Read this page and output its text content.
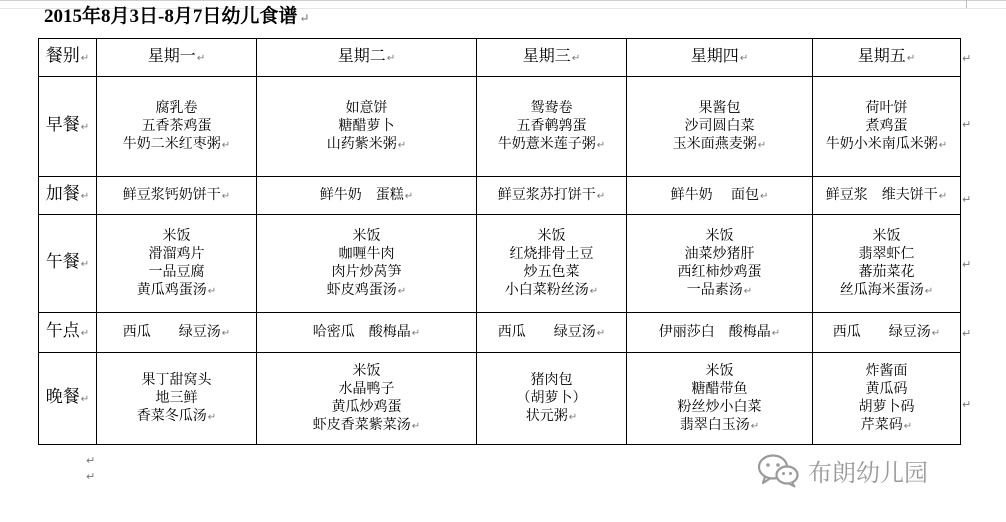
2015年8月3日-8月7日幼儿食谱 ↵
餐别↵	星期一↵	星期二↵	星期三↵	星期四↵	星期五↵
早餐↵	腐乳卷
五香茶鸡蛋
牛奶二米红枣粥↵	如意饼
糖醋萝卜
山药紫米粥↵	鸳鸯卷
五香鹌鹑蛋
牛奶薏米莲子粥↵	果酱包
沙司圆白菜
玉米面燕麦粥↵	荷叶饼
煮鸡蛋
牛奶小米南瓜米粥↵

加餐↵	鲜豆浆钙奶饼干↵	鲜牛奶　蛋糕↵	鲜豆浆苏打饼干↵	鲜牛奶　 面包↵	鲜豆浆　维夫饼干↵

午餐↵	米饭
滑溜鸡片
一品豆腐
黄瓜鸡蛋汤↵	米饭
咖喱牛肉
肉片炒莴笋
虾皮鸡蛋汤↵	米饭
红烧排骨土豆
炒五色菜
小白菜粉丝汤↵	米饭
油菜炒猪肝
西红柿炒鸡蛋
一品素汤↵	米饭
翡翠虾仁
蕃茄菜花
丝瓜海米蛋汤↵

午点↵	西瓜　　绿豆汤↵	哈密瓜　酸梅晶↵	西瓜　　绿豆汤↵	伊丽莎白　酸梅晶↵	西瓜　　绿豆汤↵

晚餐↵	果丁甜窝头
地三鲜
香菜冬瓜汤↵	米饭
水晶鸭子
黄瓜炒鸡蛋
虾皮香菜紫菜汤↵	猪肉包
（胡萝卜）
状元粥↵	米饭
糖醋带鱼
粉丝炒小白菜
翡翠白玉汤↵	炸酱面
黄瓜码
胡萝卜码
芹菜码↵
布朗幼儿园
↵
↵
↵
↵
↵
↵
↵
↵
